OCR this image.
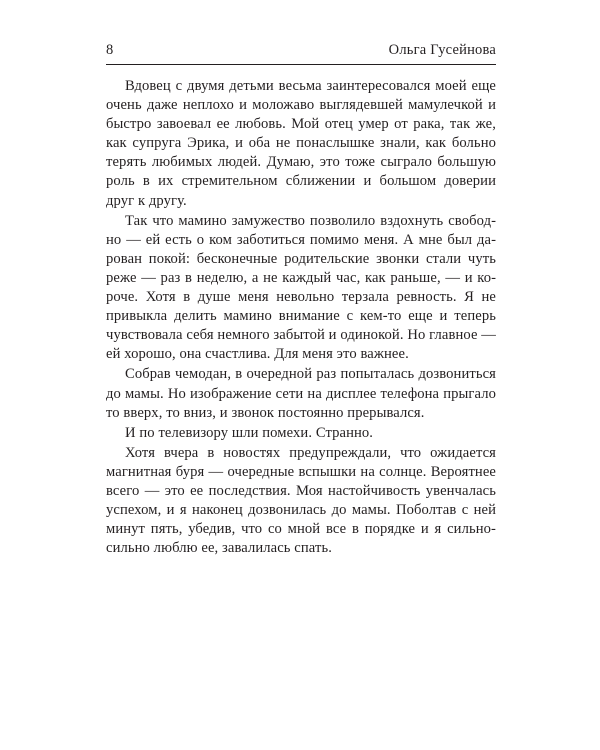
8	Ольга Гусейнова

Вдовец с двумя детьми весьма заинтересовался моей еще очень даже неплохо и моложаво выглядевшей мамулечкой и быстро завоевал ее любовь. Мой отец умер от рака, так же, как супруга Эрика, и оба не понаслышке знали, как больно терять любимых людей. Думаю, это тоже сыграло большую роль в их стремительном сближении и большом доверии друг к другу.

Так что мамино замужество позволило вздохнуть свободно — ей есть о ком заботиться помимо меня. А мне был дарован покой: бесконечные родительские звонки стали чуть реже — раз в неделю, а не каждый час, как раньше, — и короче. Хотя в душе меня невольно терзала ревность. Я не привыкла делить мамино внимание с кем-то еще и теперь чувствовала себя немного забытой и одинокой. Но главное — ей хорошо, она счастлива. Для меня это важнее.

Собрав чемодан, в очередной раз попыталась дозвониться до мамы. Но изображение сети на дисплее телефона прыгало то вверх, то вниз, и звонок постоянно прерывался.

И по телевизору шли помехи. Странно.

Хотя вчера в новостях предупреждали, что ожидается магнитная буря — очередные вспышки на солнце. Вероятнее всего — это ее последствия. Моя настойчивость увенчалась успехом, и я наконец дозвонилась до мамы. Поболтав с ней минут пять, убедив, что со мной все в порядке и я сильно-сильно люблю ее, завалилась спать.
